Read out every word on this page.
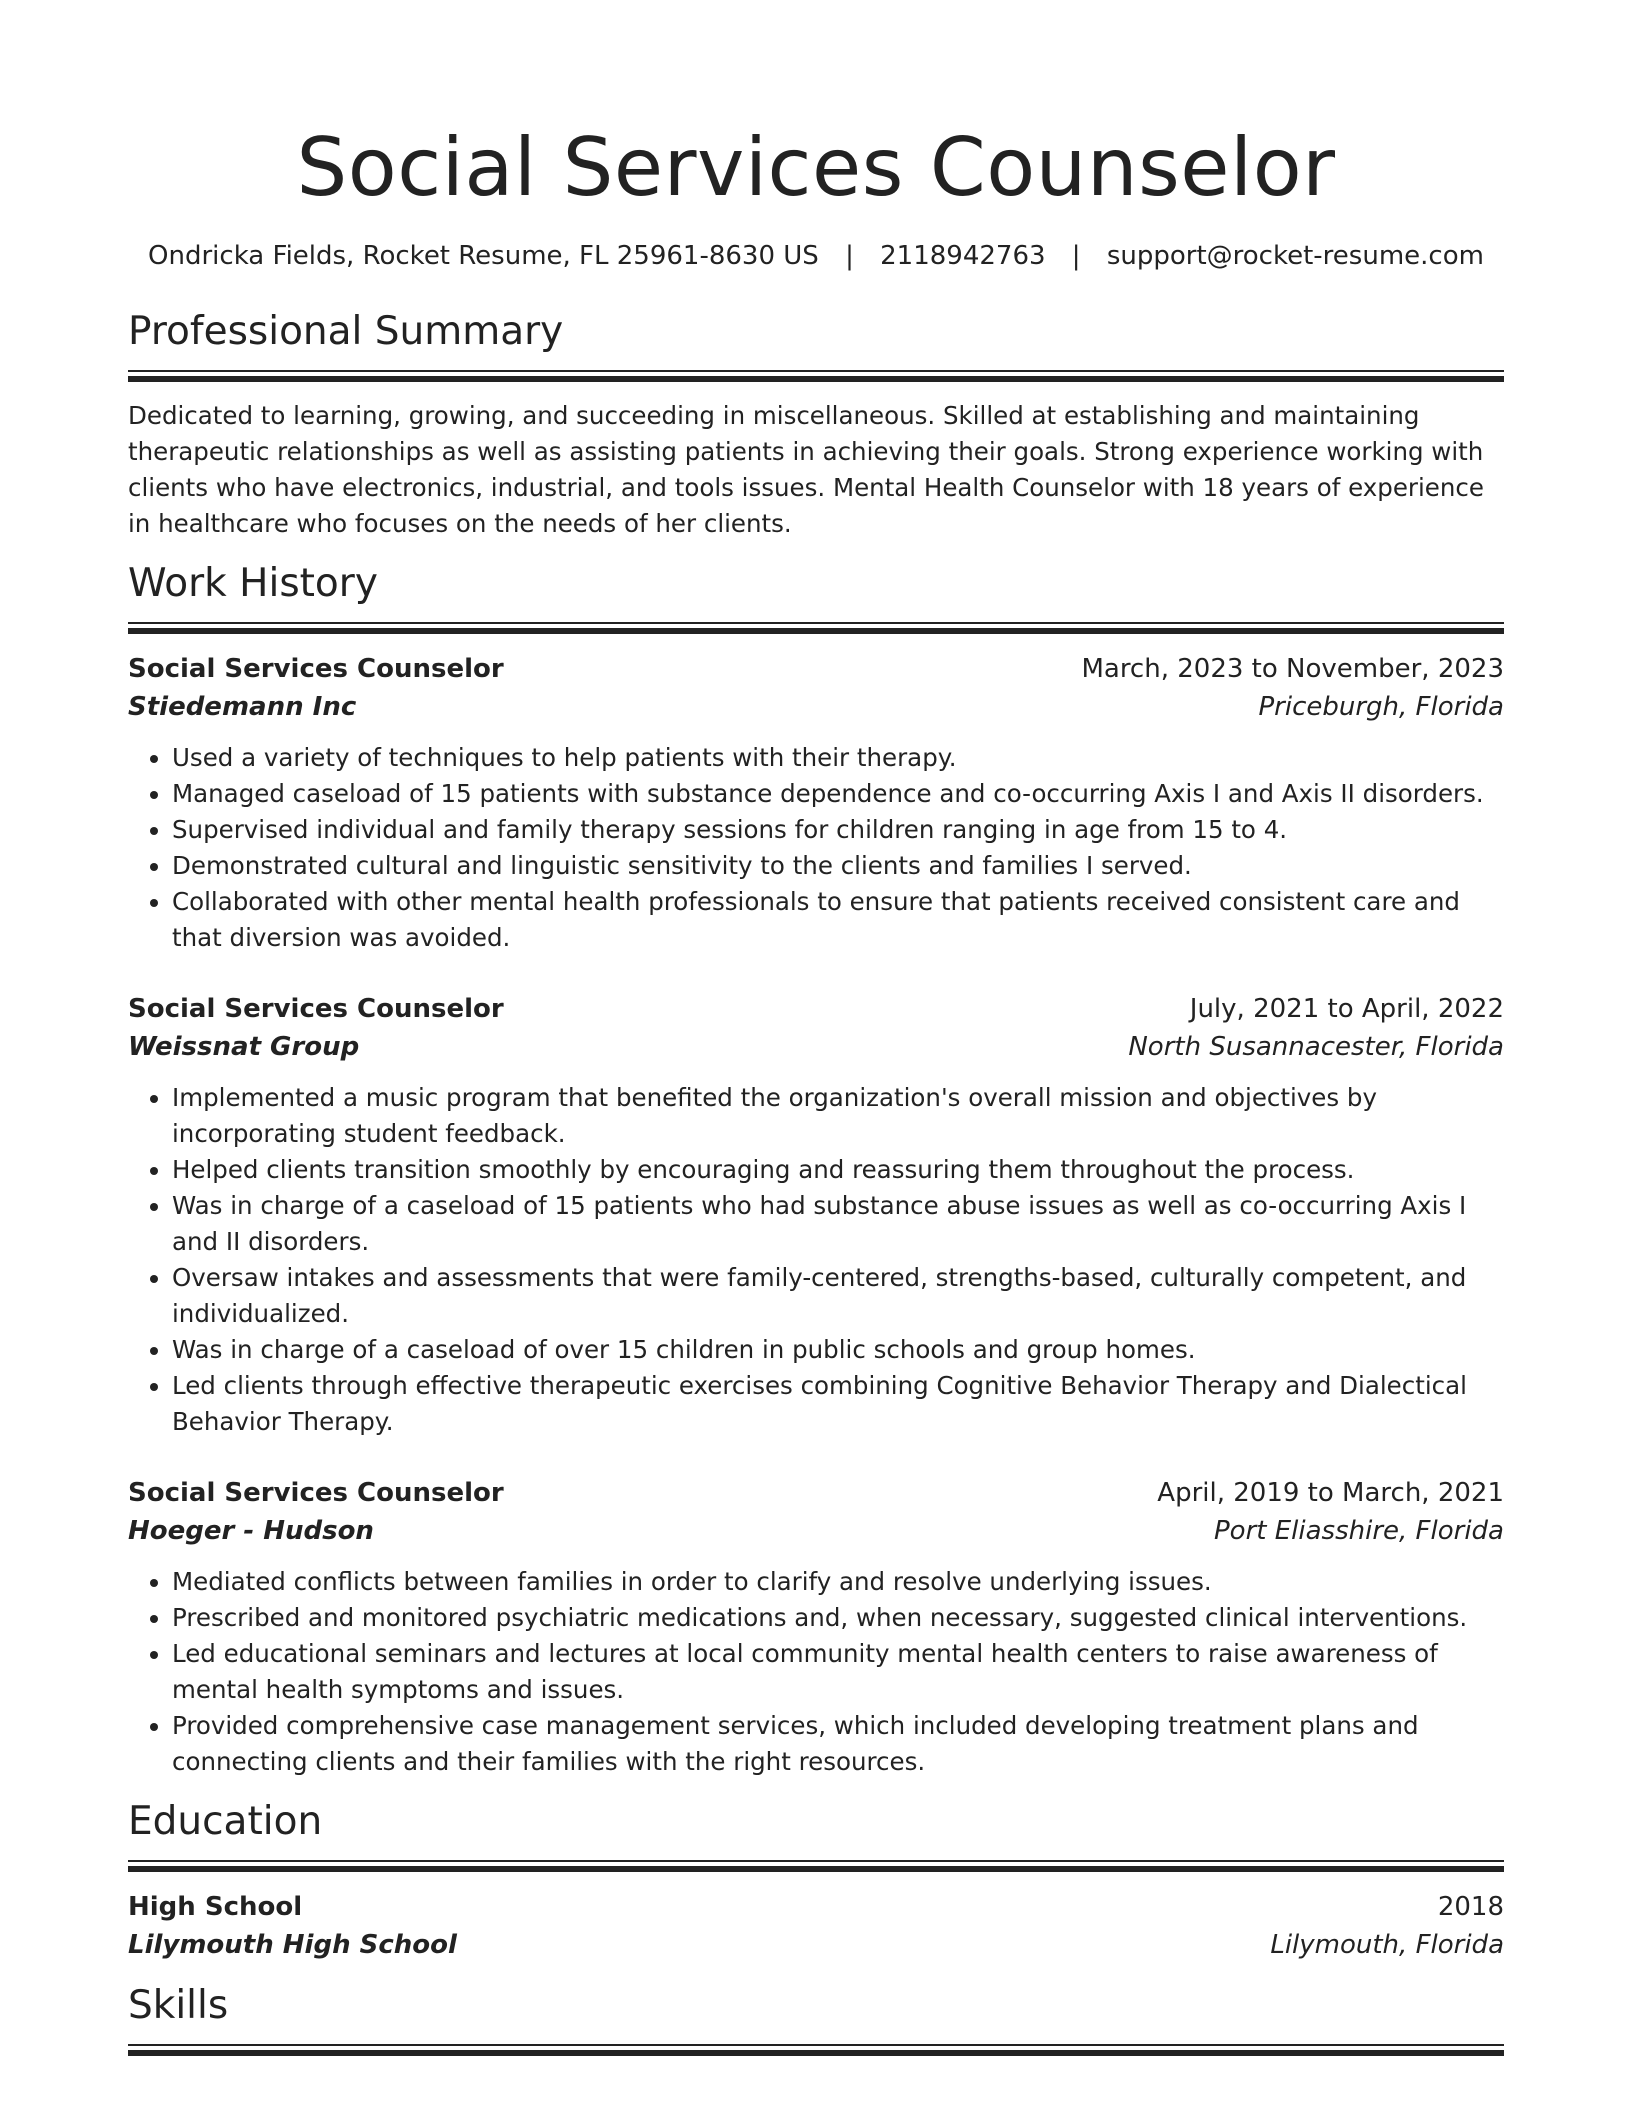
Social Services Counselor
Ondricka Fields, Rocket Resume, FL 25961-8630 US | 2118942763 | support@rocket-resume.com
Professional Summary
Dedicated to learning, growing, and succeeding in miscellaneous. Skilled at establishing and maintaining therapeutic relationships as well as assisting patients in achieving their goals. Strong experience working with clients who have electronics, industrial, and tools issues. Mental Health Counselor with 18 years of experience in healthcare who focuses on the needs of her clients.
Work History
Social Services Counselor	March, 2023 to November, 2023
Stiedemann Inc	Priceburgh, Florida
• Used a variety of techniques to help patients with their therapy.
• Managed caseload of 15 patients with substance dependence and co-occurring Axis I and Axis II disorders.
• Supervised individual and family therapy sessions for children ranging in age from 15 to 4.
• Demonstrated cultural and linguistic sensitivity to the clients and families I served.
• Collaborated with other mental health professionals to ensure that patients received consistent care and that diversion was avoided.
Social Services Counselor	July, 2021 to April, 2022
Weissnat Group	North Susannacester, Florida
• Implemented a music program that benefited the organization's overall mission and objectives by incorporating student feedback.
• Helped clients transition smoothly by encouraging and reassuring them throughout the process.
• Was in charge of a caseload of 15 patients who had substance abuse issues as well as co-occurring Axis I and II disorders.
• Oversaw intakes and assessments that were family-centered, strengths-based, culturally competent, and individualized.
• Was in charge of a caseload of over 15 children in public schools and group homes.
• Led clients through effective therapeutic exercises combining Cognitive Behavior Therapy and Dialectical Behavior Therapy.
Social Services Counselor	April, 2019 to March, 2021
Hoeger - Hudson	Port Eliasshire, Florida
• Mediated conflicts between families in order to clarify and resolve underlying issues.
• Prescribed and monitored psychiatric medications and, when necessary, suggested clinical interventions.
• Led educational seminars and lectures at local community mental health centers to raise awareness of mental health symptoms and issues.
• Provided comprehensive case management services, which included developing treatment plans and connecting clients and their families with the right resources.
Education
High School	2018
Lilymouth High School	Lilymouth, Florida
Skills
